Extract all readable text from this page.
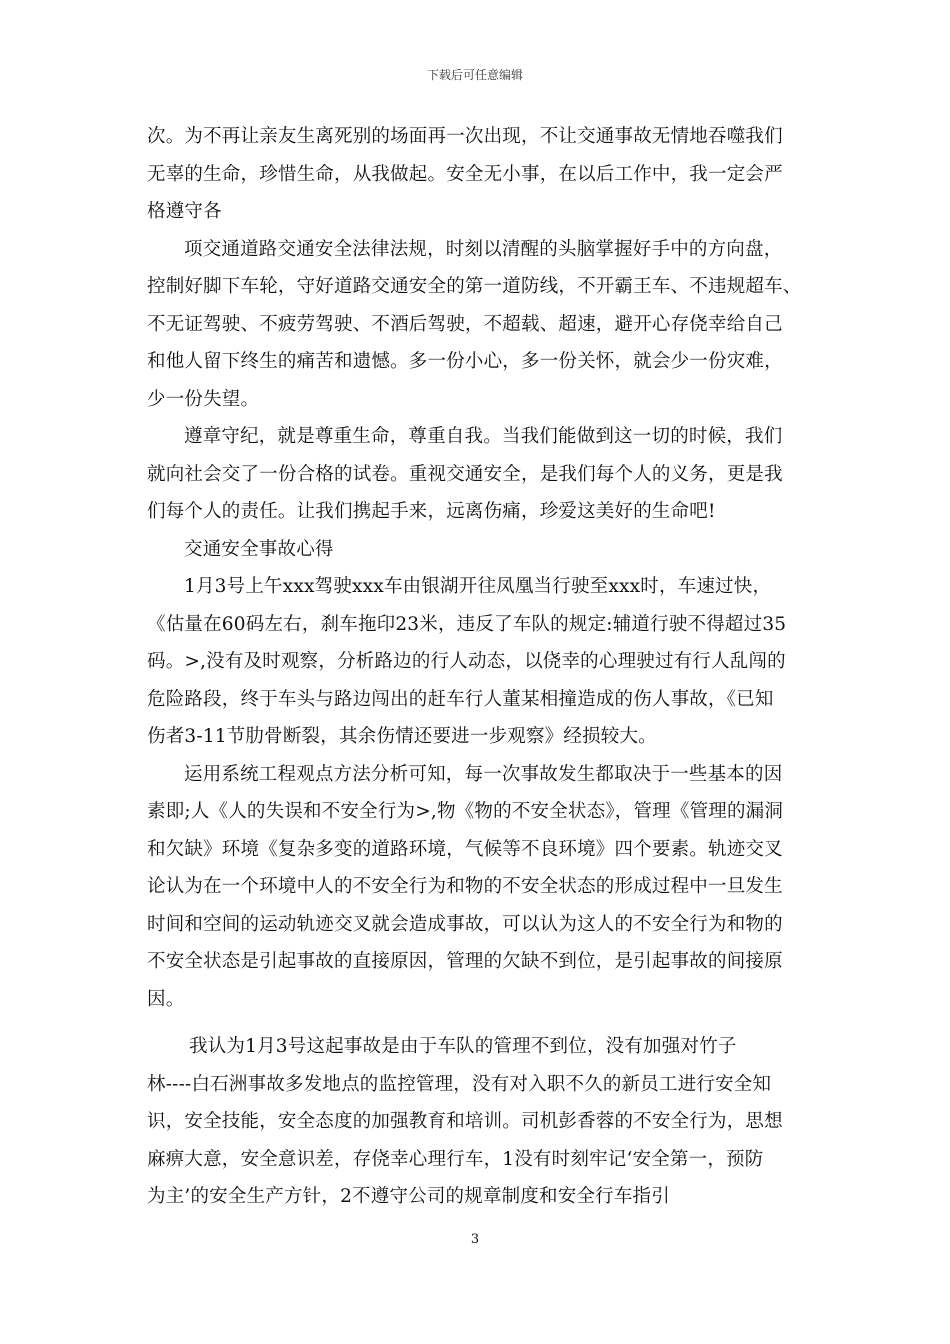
下载后可任意编辑
次。为不再让亲友生离死别的场面再一次出现，不让交通事故无情地吞噬我们
无辜的生命，珍惜生命，从我做起。安全无小事，在以后工作中，我一定会严
格遵守各
项交通道路交通安全法律法规，时刻以清醒的头脑掌握好手中的方向盘，
控制好脚下车轮，守好道路交通安全的第一道防线，不开霸王车、不违规超车、
不无证驾驶、不疲劳驾驶、不酒后驾驶，不超载、超速，避开心存侥幸给自己
和他人留下终生的痛苦和遗憾。多一份小心，多一份关怀，就会少一份灾难，
少一份失望。
遵章守纪，就是尊重生命，尊重自我。当我们能做到这一切的时候，我们
就向社会交了一份合格的试卷。重视交通安全，是我们每个人的义务，更是我
们每个人的责任。让我们携起手来，远离伤痛，珍爱这美好的生命吧!
交通安全事故心得
1月3号上午xxx驾驶xxx车由银湖开往凤凰当行驶至xxx时，车速过快，
《估量在60码左右，刹车拖印23米，违反了车队的规定:辅道行驶不得超过35
码。>,没有及时观察，分析路边的行人动态，以侥幸的心理驶过有行人乱闯的
危险路段，终于车头与路边闯出的赶车行人董某相撞造成的伤人事故，《已知
伤者3-11节肋骨断裂，其余伤情还要进一步观察》经损较大。
运用系统工程观点方法分析可知，每一次事故发生都取决于一些基本的因
素即;人《人的失误和不安全行为>,物《物的不安全状态》，管理《管理的漏洞
和欠缺》环境《复杂多变的道路环境，气候等不良环境》四个要素。轨迹交叉
论认为在一个环境中人的不安全行为和物的不安全状态的形成过程中一旦发生
时间和空间的运动轨迹交叉就会造成事故，可以认为这人的不安全行为和物的
不安全状态是引起事故的直接原因，管理的欠缺不到位，是引起事故的间接原
因。
我认为1月3号这起事故是由于车队的管理不到位，没有加强对竹子
林----白石洲事故多发地点的监控管理，没有对入职不久的新员工进行安全知
识，安全技能，安全态度的加强教育和培训。司机彭香蓉的不安全行为，思想
麻痹大意，安全意识差，存侥幸心理行车，1没有时刻牢记‘安全第一，预防
为主’的安全生产方针，2不遵守公司的规章制度和安全行车指引
3
